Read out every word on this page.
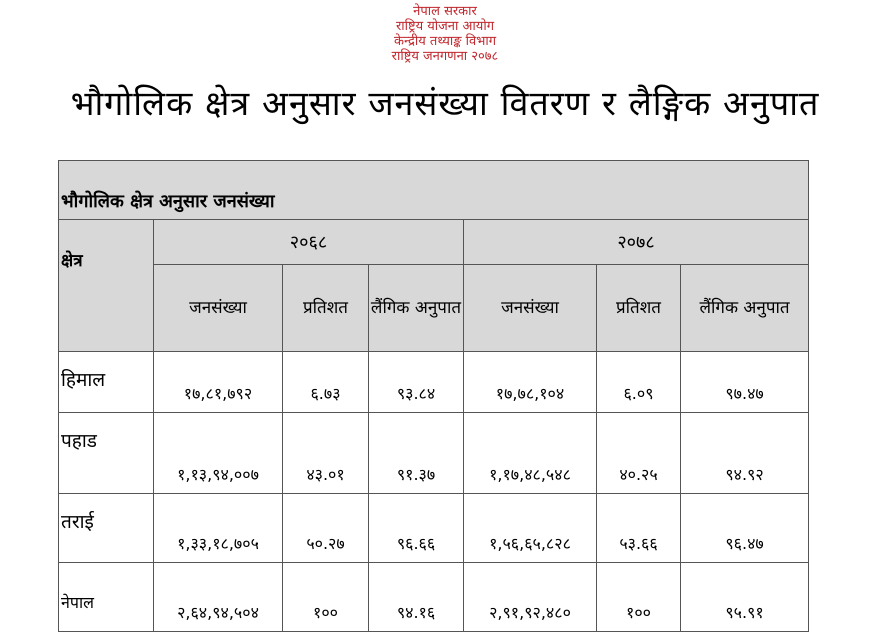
नेपाल सरकार
राष्ट्रिय योजना आयोग
केन्द्रीय तथ्याङ्क विभाग
राष्ट्रिय जनगणना २०७८
भौगोलिक क्षेत्र अनुसार जनसंख्या वितरण र लैङ्गिक अनुपात
भौगोलिक क्षेत्र अनुसार जनसंख्या						
क्षेत्र	२०६८			२०७८		
	जनसंख्या	प्रतिशत	लैंगिक अनुपात	जनसंख्या	प्रतिशत	लैंगिक अनुपात
हिमाल	१७,८१,७९२	६.७३	९३.८४	१७,७८,१०४	६.०९	९७.४७
पहाड	१,१३,९४,००७	४३.०१	९१.३७	१,१७,४८,५४८	४०.२५	९४.९२
तराई	१,३३,१८,७०५	५०.२७	९६.६६	१,५६,६५,८२८	५३.६६	९६.४७
नेपाल	२,६४,९४,५०४	१००	९४.१६	२,९१,९२,४८०	१००	९५.९१
